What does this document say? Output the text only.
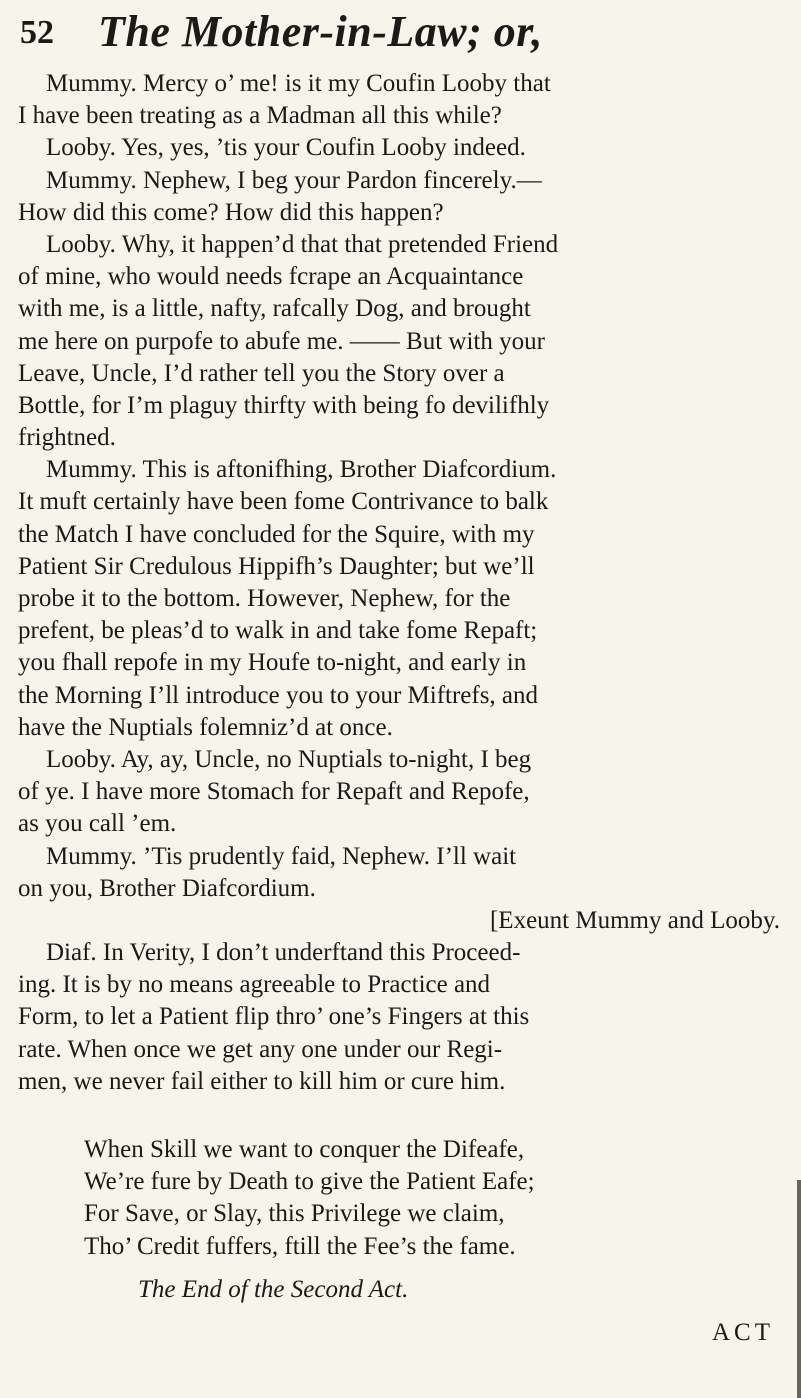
52 The Mother-in-Law; or,
Mummy. Mercy o’ me! is it my Coufin Looby that
I have been treating as a Madman all this while?
Looby. Yes, yes, ’tis your Coufin Looby indeed.
Mummy. Nephew, I beg your Pardon fincerely.—
How did this come? How did this happen?
Looby. Why, it happen’d that that pretended Friend
of mine, who would needs fcrape an Acquaintance
with me, is a little, nafty, rafcally Dog, and brought
me here on purpofe to abufe me. —— But with your
Leave, Uncle, I’d rather tell you the Story over a
Bottle, for I’m plaguy thirfty with being fo devilifhly
frightned.
Mummy. This is aftonifhing, Brother Diafcordium.
It muft certainly have been fome Contrivance to balk
the Match I have concluded for the Squire, with my
Patient Sir Credulous Hippifh’s Daughter; but we’ll
probe it to the bottom. However, Nephew, for the
prefent, be pleas’d to walk in and take fome Repaft;
you fhall repofe in my Houfe to-night, and early in
the Morning I’ll introduce you to your Miftrefs, and
have the Nuptials folemniz’d at once.
Looby. Ay, ay, Uncle, no Nuptials to-night, I beg
of ye. I have more Stomach for Repaft and Repofe,
as you call ’em.
Mummy. ’Tis prudently faid, Nephew. I’ll wait
on you, Brother Diafcordium.
[Exeunt Mummy and Looby.
Diaf. In Verity, I don’t underftand this Proceed-
ing. It is by no means agreeable to Practice and
Form, to let a Patient flip thro’ one’s Fingers at this
rate. When once we get any one under our Regi-
men, we never fail either to kill him or cure him.
When Skill we want to conquer the Difeafe,
We’re fure by Death to give the Patient Eafe;
For Save, or Slay, this Privilege we claim,
Tho’ Credit fuffers, ftill the Fee’s the fame.
The End of the Second Act.
ACT
